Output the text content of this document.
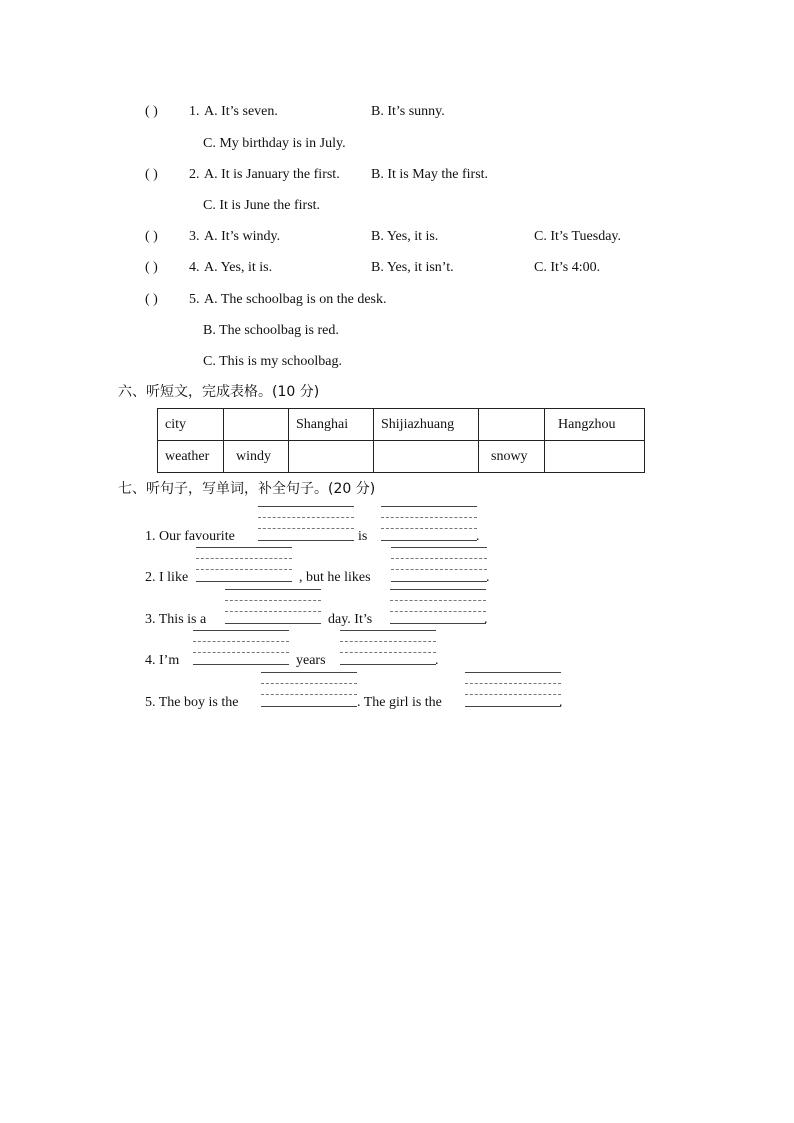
( ) 1. A. It’s seven.	B. It’s sunny.
C. My birthday is in July.
( ) 2. A. It is January the first. B. It is May the first.
C. It is June the first.
( ) 3. A. It’s windy.	B. Yes, it is.	C. It’s Tuesday.
( ) 4. A. Yes, it is.	B. Yes, it isn’t.	C. It’s 4:00.
( ) 5. A. The schoolbag is on the desk.
B. The schoolbag is red.
C. This is my schoolbag.
六、听短文，完成表格。(10 分)
city		Shanghai	Shijiazhuang		Hangzhou
weather	windy			snowy	
七、听句子，写单词，补全句子。(20 分)
1. Our favourite	is	.
2. I like	, but he likes	.
3. This is a	day. It’s	.
4. I’m	years	.
5. The boy is the	. The girl is the	.
